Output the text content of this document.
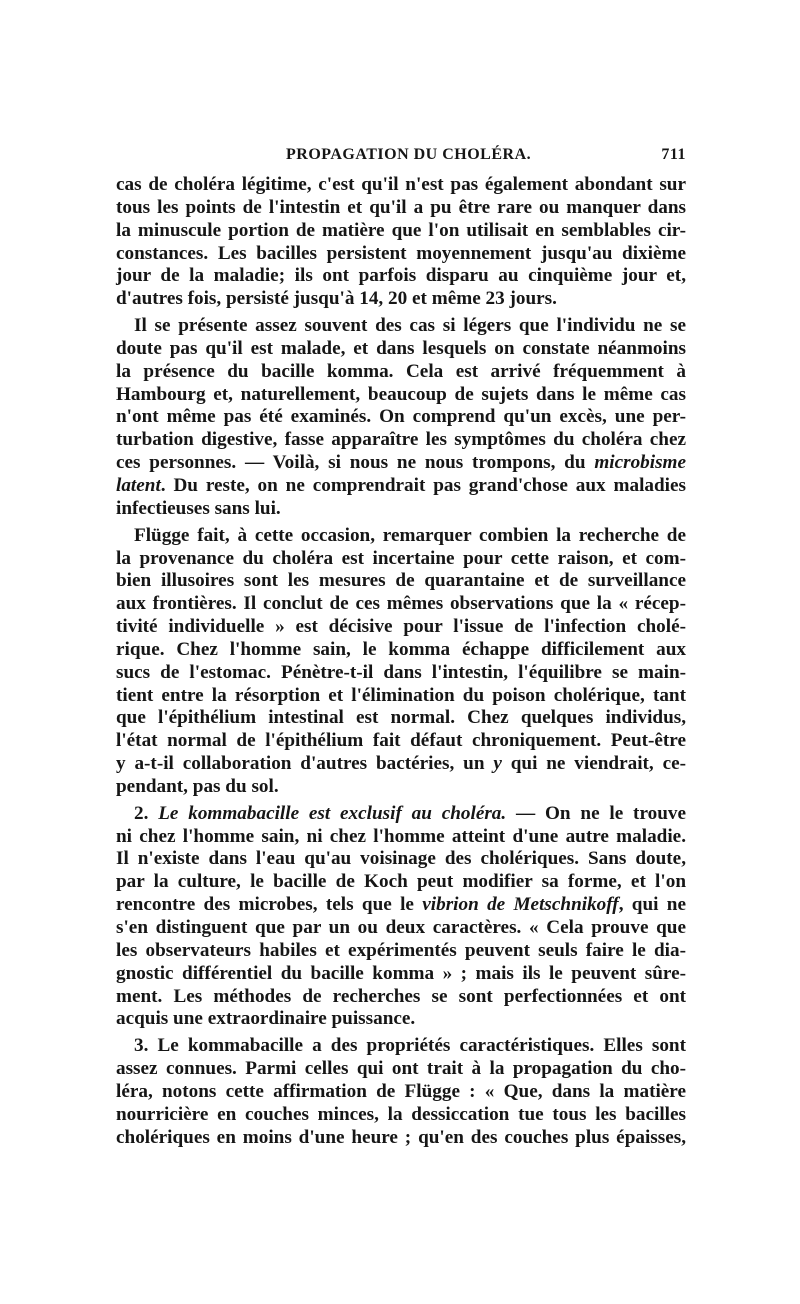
PROPAGATION DU CHOLÉRA.	711
cas de choléra légitime, c'est qu'il n'est pas également abondant sur
tous les points de l'intestin et qu'il a pu être rare ou manquer dans
la minuscule portion de matière que l'on utilisait en semblables cir-
constances. Les bacilles persistent moyennement jusqu'au dixième
jour de la maladie; ils ont parfois disparu au cinquième jour et,
d'autres fois, persisté jusqu'à 14, 20 et même 23 jours.
Il se présente assez souvent des cas si légers que l'individu ne se
doute pas qu'il est malade, et dans lesquels on constate néanmoins
la présence du bacille komma. Cela est arrivé fréquemment à
Hambourg et, naturellement, beaucoup de sujets dans le même cas
n'ont même pas été examinés. On comprend qu'un excès, une per-
turbation digestive, fasse apparaître les symptômes du choléra chez
ces personnes. — Voilà, si nous ne nous trompons, du microbisme
latent. Du reste, on ne comprendrait pas grand'chose aux maladies
infectieuses sans lui.
Flügge fait, à cette occasion, remarquer combien la recherche de
la provenance du choléra est incertaine pour cette raison, et com-
bien illusoires sont les mesures de quarantaine et de surveillance
aux frontières. Il conclut de ces mêmes observations que la « récep-
tivité individuelle » est décisive pour l'issue de l'infection cholé-
rique. Chez l'homme sain, le komma échappe difficilement aux
sucs de l'estomac. Pénètre-t-il dans l'intestin, l'équilibre se main-
tient entre la résorption et l'élimination du poison cholérique, tant
que l'épithélium intestinal est normal. Chez quelques individus,
l'état normal de l'épithélium fait défaut chroniquement. Peut-être
y a-t-il collaboration d'autres bactéries, un y qui ne viendrait, ce-
pendant, pas du sol.
2. Le kommabacille est exclusif au choléra. — On ne le trouve
ni chez l'homme sain, ni chez l'homme atteint d'une autre maladie.
Il n'existe dans l'eau qu'au voisinage des cholériques. Sans doute,
par la culture, le bacille de Koch peut modifier sa forme, et l'on
rencontre des microbes, tels que le vibrion de Metschnikoff, qui ne
s'en distinguent que par un ou deux caractères. « Cela prouve que
les observateurs habiles et expérimentés peuvent seuls faire le dia-
gnostic différentiel du bacille komma » ; mais ils le peuvent sûre-
ment. Les méthodes de recherches se sont perfectionnées et ont
acquis une extraordinaire puissance.
3. Le kommabacille a des propriétés caractéristiques. Elles sont
assez connues. Parmi celles qui ont trait à la propagation du cho-
léra, notons cette affirmation de Flügge : « Que, dans la matière
nourricière en couches minces, la dessiccation tue tous les bacilles
cholériques en moins d'une heure ; qu'en des couches plus épaisses,
